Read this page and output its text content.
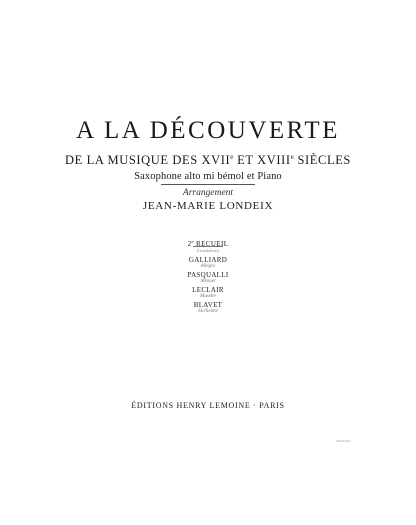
A LA DÉCOUVERTE
DE LA MUSIQUE DES XVIIe ET XVIIIe SIÈCLES
Saxophone alto mi bémol et Piano
Arrangement
JEAN-MARIE LONDEIX
2e RECUEIL
(Grandaleuss)
GALLIARD
Allegro
PASQUALLI
Menuet
LECLAIR
Musette
BLAVET
Sicilienne
ÉDITIONS HENRY LEMOINE · PARIS
24846 H.L.
